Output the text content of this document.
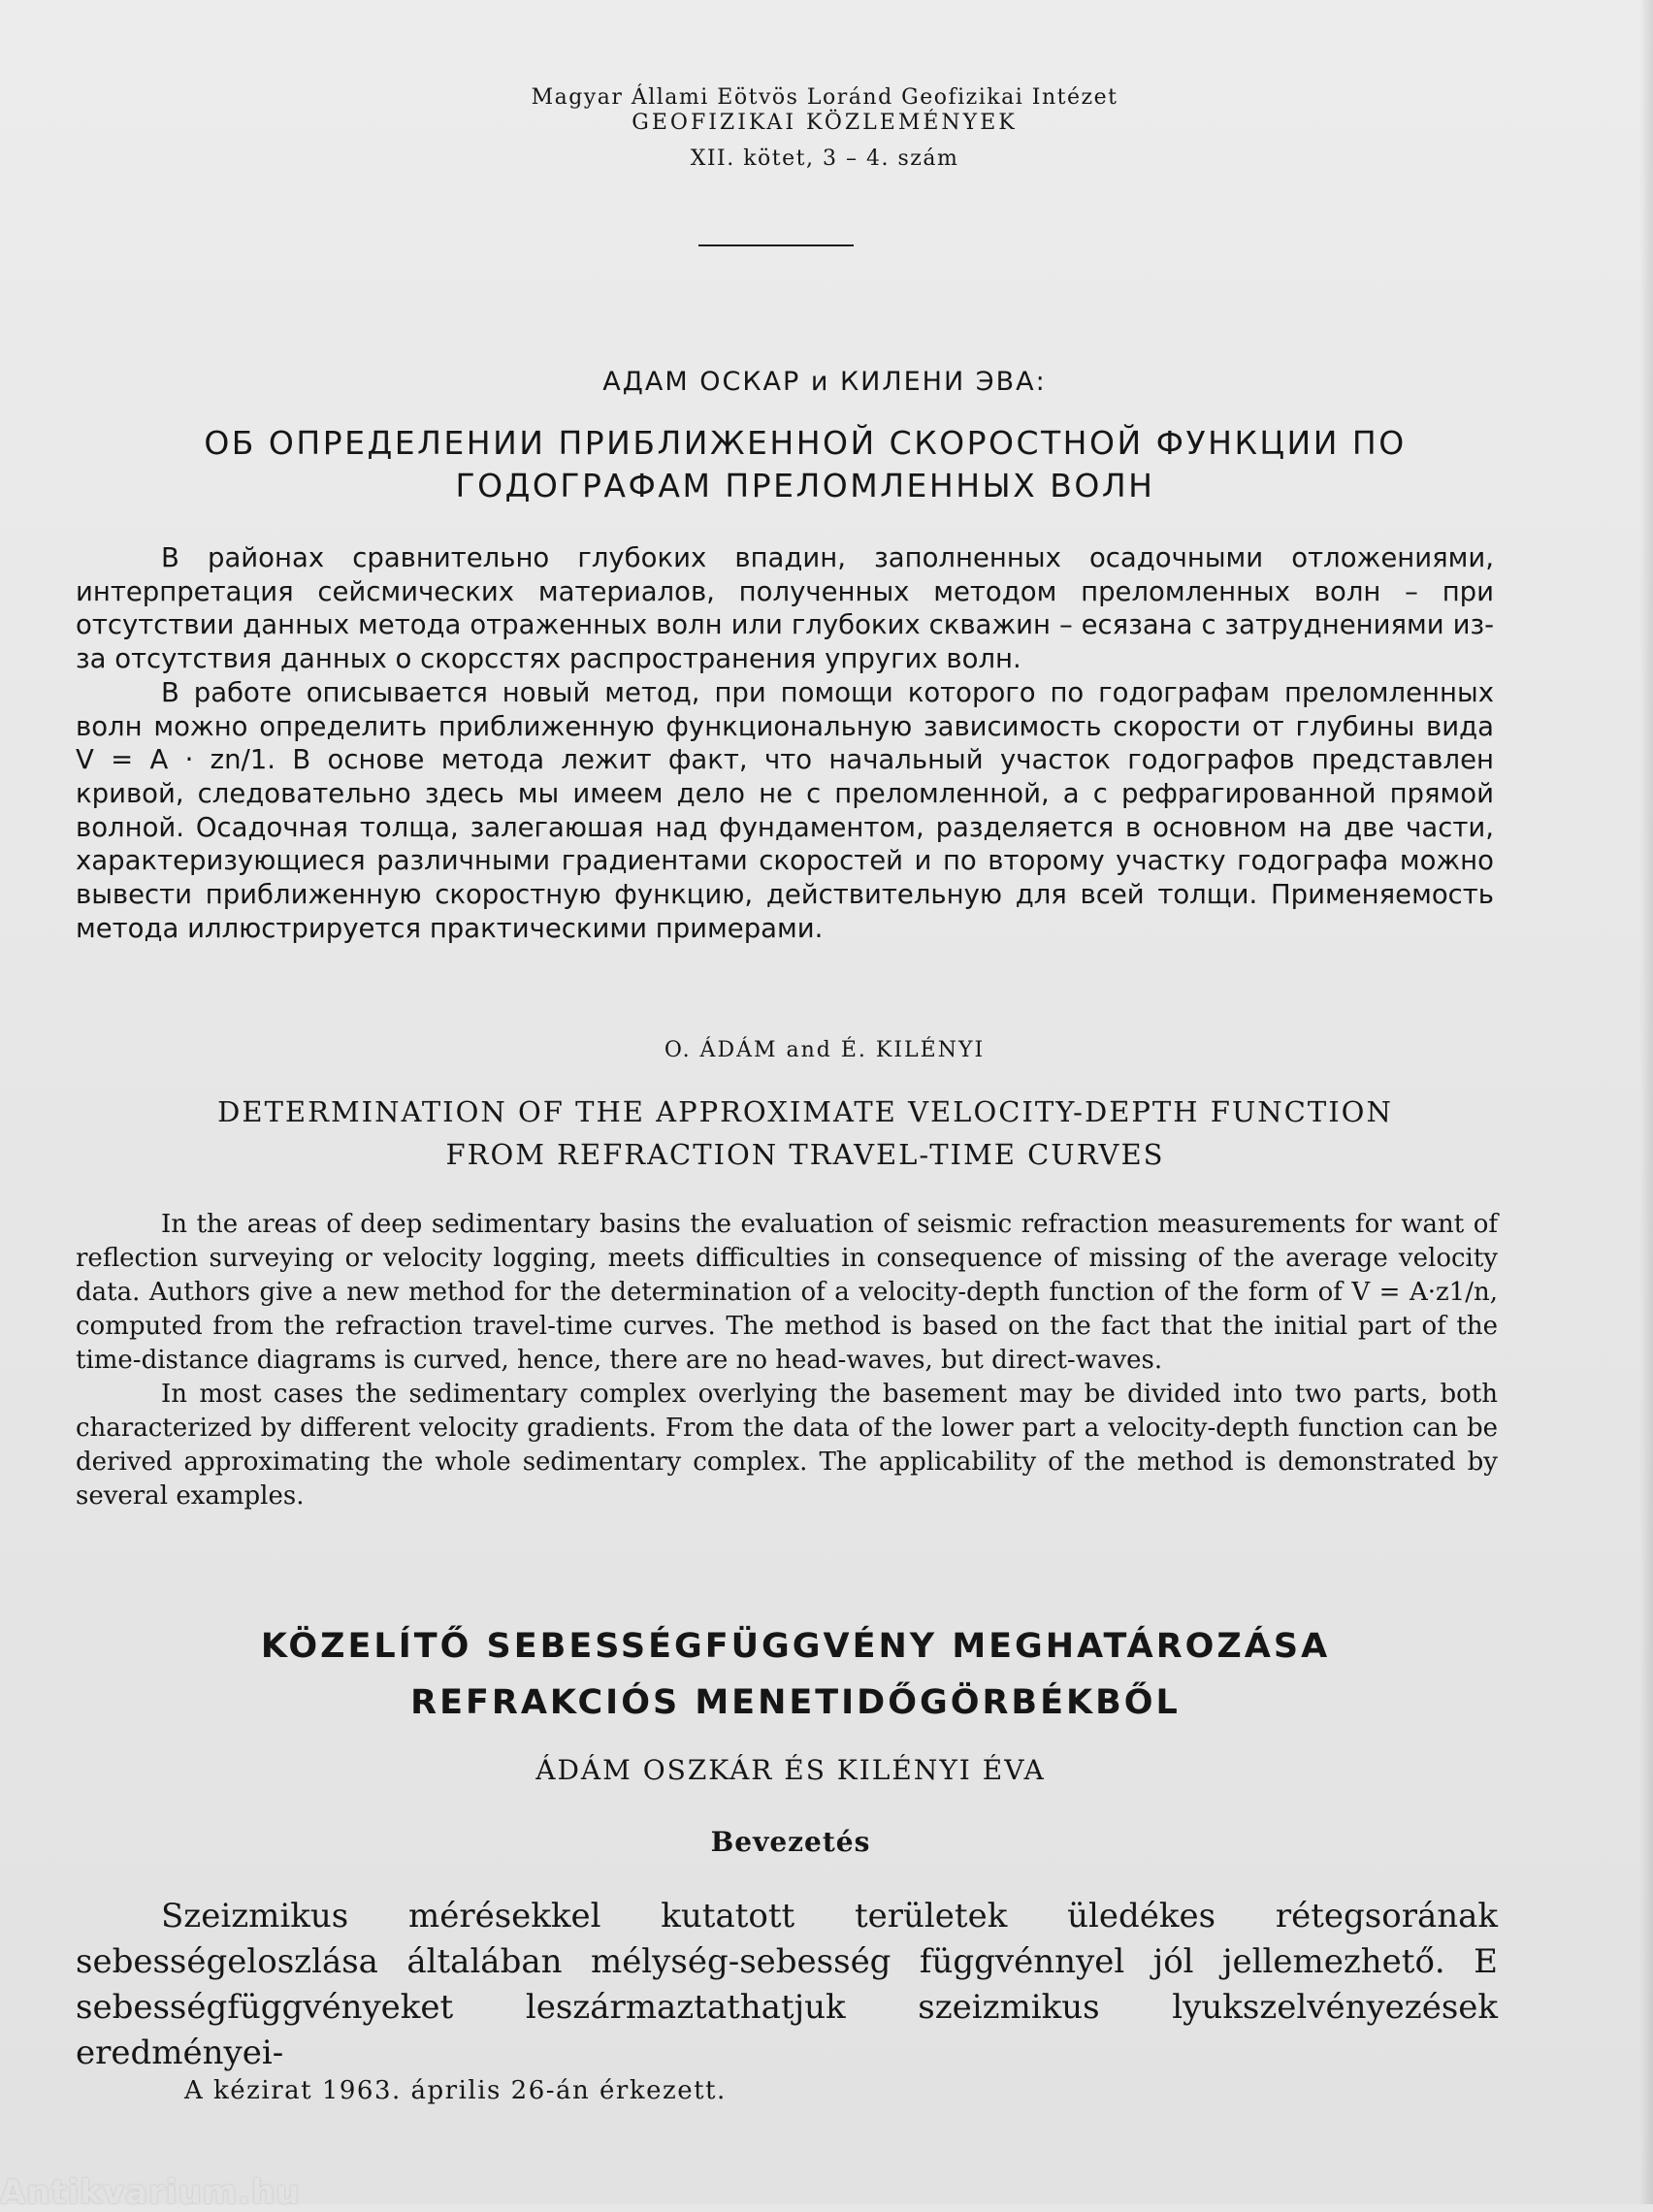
Magyar Állami Eötvös Loránd Geofizikai Intézet
GEOFIZIKAI KÖZLEMÉNYEK
XII. kötet, 3 – 4. szám
АДАМ ОСКАР и КИЛЕНИ ЭВА:
ОБ ОПРЕДЕЛЕНИИ ПРИБЛИЖЕННОЙ СКОРОСТНОЙ ФУНКЦИИ ПО
ГОДОГРАФАМ ПРЕЛОМЛЕННЫХ ВОЛН

В районах сравнительно глубоких впадин, заполненных осадочными отложениями, интерпретация сейсмических материалов, полученных методом преломленных волн – при отсутствии данных метода отраженных волн или глубоких скважин – есязана с затруднениями из-за отсутствия данных о скорсстях распространения упругих волн.

В работе описывается новый метод, при помощи которого по годографам преломленных волн можно определить приближенную функциональную зависимость скорости от глубины вида V = A · zn/1. В основе метода лежит факт, что начальный участок годографов представлен кривой, следовательно здесь мы имеем дело не с преломленной, а с рефрагированной прямой волной. Осадочная толща, залегаюшая над фундаментом, разделяется в основном на две части, характеризующиеся различными градиентами скоростей и по второму участку годографа можно вывести приближенную скоростную функцию, действительную для всей толщи. Применяемость метода иллюстрируется практическими примерами.

O. ÁDÁM and É. KILÉNYI
DETERMINATION OF THE APPROXIMATE VELOCITY-DEPTH FUNCTION
FROM REFRACTION TRAVEL-TIME CURVES

In the areas of deep sedimentary basins the evaluation of seismic refraction measurements for want of reflection surveying or velocity logging, meets difficulties in consequence of missing of the average velocity data. Authors give a new method for the determination of a velocity-depth function of the form of V = A·z1/n, computed from the refraction travel-time curves. The method is based on the fact that the initial part of the time-distance diagrams is curved, hence, there are no head-waves, but direct-waves.

In most cases the sedimentary complex overlying the basement may be divided into two parts, both characterized by different velocity gradients. From the data of the lower part a velocity-depth function can be derived approximating the whole sedimentary complex. The applicability of the method is demonstrated by several examples.

KÖZELÍTŐ SEBESSÉGFÜGGVÉNY MEGHATÁROZÁSA
REFRAKCIÓS MENETIDŐGÖRBÉKBŐL
ÁDÁM OSZKÁR ÉS KILÉNYI ÉVA
Bevezetés

Szeizmikus mérésekkel kutatott területek üledékes rétegsorának sebességeloszlása általában mélység-sebesség függvénnyel jól jellemezhető. E sebességfüggvényeket leszármaztathatjuk szeizmikus lyukszelvényezések eredményei-

A kézirat 1963. április 26-án érkezett.
Antikvarium.hu
